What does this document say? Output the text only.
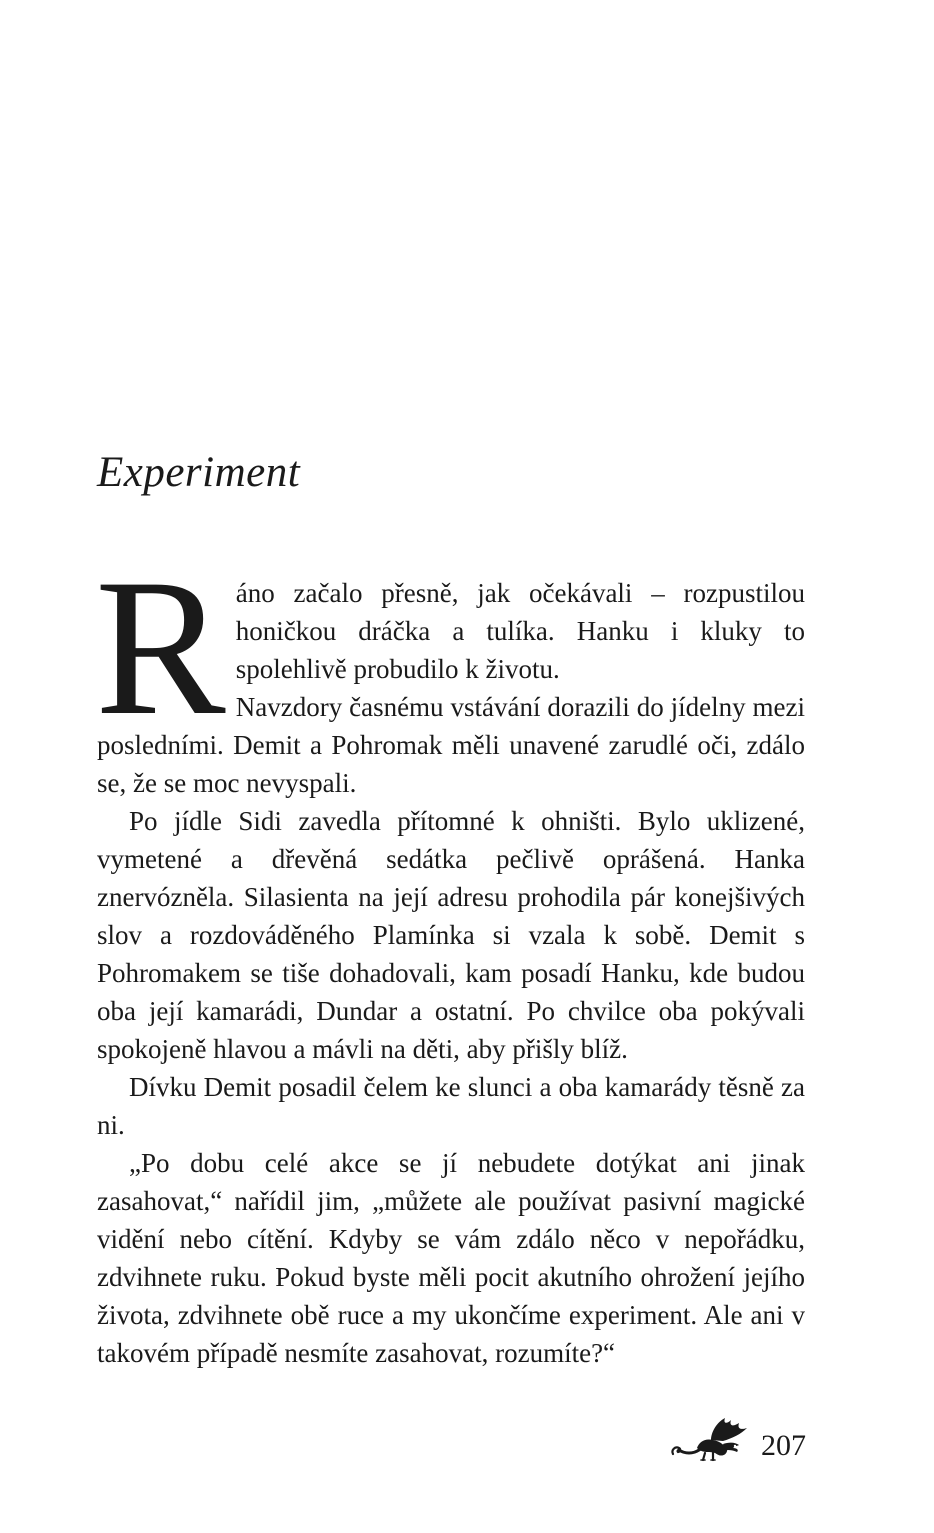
Experiment

Ráno začalo přesně, jak očekávali – rozpustilou honičkou dráčka a tulíka. Hanku i kluky to spolehlivě probudilo k životu.

Navzdory časnému vstávání dorazili do jídelny mezi posledními. Demit a Pohromak měli unavené zarudlé oči, zdálo se, že se moc nevyspali.

Po jídle Sidi zavedla přítomné k ohništi. Bylo uklizené, vymetené a dřevěná sedátka pečlivě oprášená. Hanka znervózněla. Silasienta na její adresu prohodila pár konejšivých slov a rozdováděného Plamínka si vzala k sobě. Demit s Pohromakem se tiše dohadovali, kam posadí Hanku, kde budou oba její kamarádi, Dundar a ostatní. Po chvilce oba pokývali spokojeně hlavou a mávli na děti, aby přišly blíž.

Dívku Demit posadil čelem ke slunci a oba kamarády těsně za ni.

„Po dobu celé akce se jí nebudete dotýkat ani jinak zasahovat,“ nařídil jim, „můžete ale používat pasivní magické vidění nebo cítění. Kdyby se vám zdálo něco v nepořádku, zdvihnete ruku. Pokud byste měli pocit akutního ohrožení jejího života, zdvihnete obě ruce a my ukončíme experiment. Ale ani v takovém případě nesmíte zasahovat, rozumíte?“

207
